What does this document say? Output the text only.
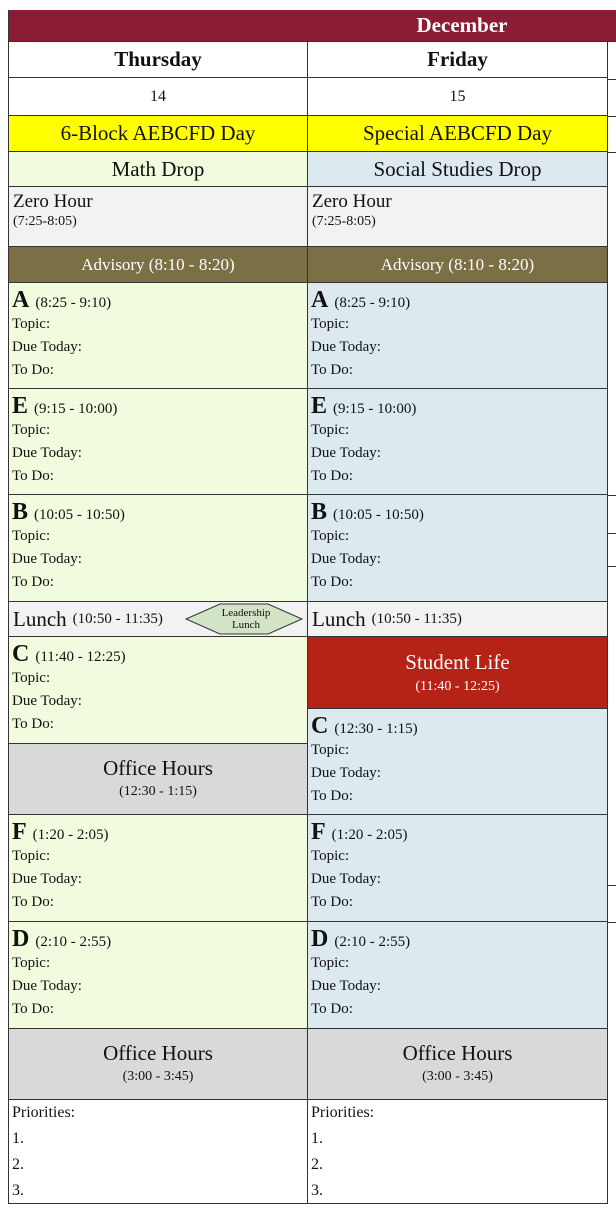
December
Thursday
14
6-Block AEBCFD Day
Math Drop
Zero Hour
(7:25-8:05)
Advisory (8:10 - 8:20)
A (8:25 - 9:10)
Topic:
Due Today:
To Do:
E (9:15 - 10:00)
Topic:
Due Today:
To Do:
B (10:05 - 10:50)
Topic:
Due Today:
To Do:
Lunch (10:50 - 11:35)
C (11:40 - 12:25)
Topic:
Due Today:
To Do:
Office Hours
(12:30 - 1:15)
F (1:20 - 2:05)
Topic:
Due Today:
To Do:
D (2:10 - 2:55)
Topic:
Due Today:
To Do:
Office Hours
(3:00 - 3:45)
Priorities:
1.
2.
3.
Friday
15
Special AEBCFD Day
Social Studies Drop
Zero Hour
(7:25-8:05)
Advisory (8:10 - 8:20)
A (8:25 - 9:10)
Topic:
Due Today:
To Do:
E (9:15 - 10:00)
Topic:
Due Today:
To Do:
B (10:05 - 10:50)
Topic:
Due Today:
To Do:
Lunch (10:50 - 11:35)
Student Life
(11:40 - 12:25)
C (12:30 - 1:15)
Topic:
Due Today:
To Do:
F (1:20 - 2:05)
Topic:
Due Today:
To Do:
D (2:10 - 2:55)
Topic:
Due Today:
To Do:
Office Hours
(3:00 - 3:45)
Priorities:
1.
2.
3.
Leadership Lunch
